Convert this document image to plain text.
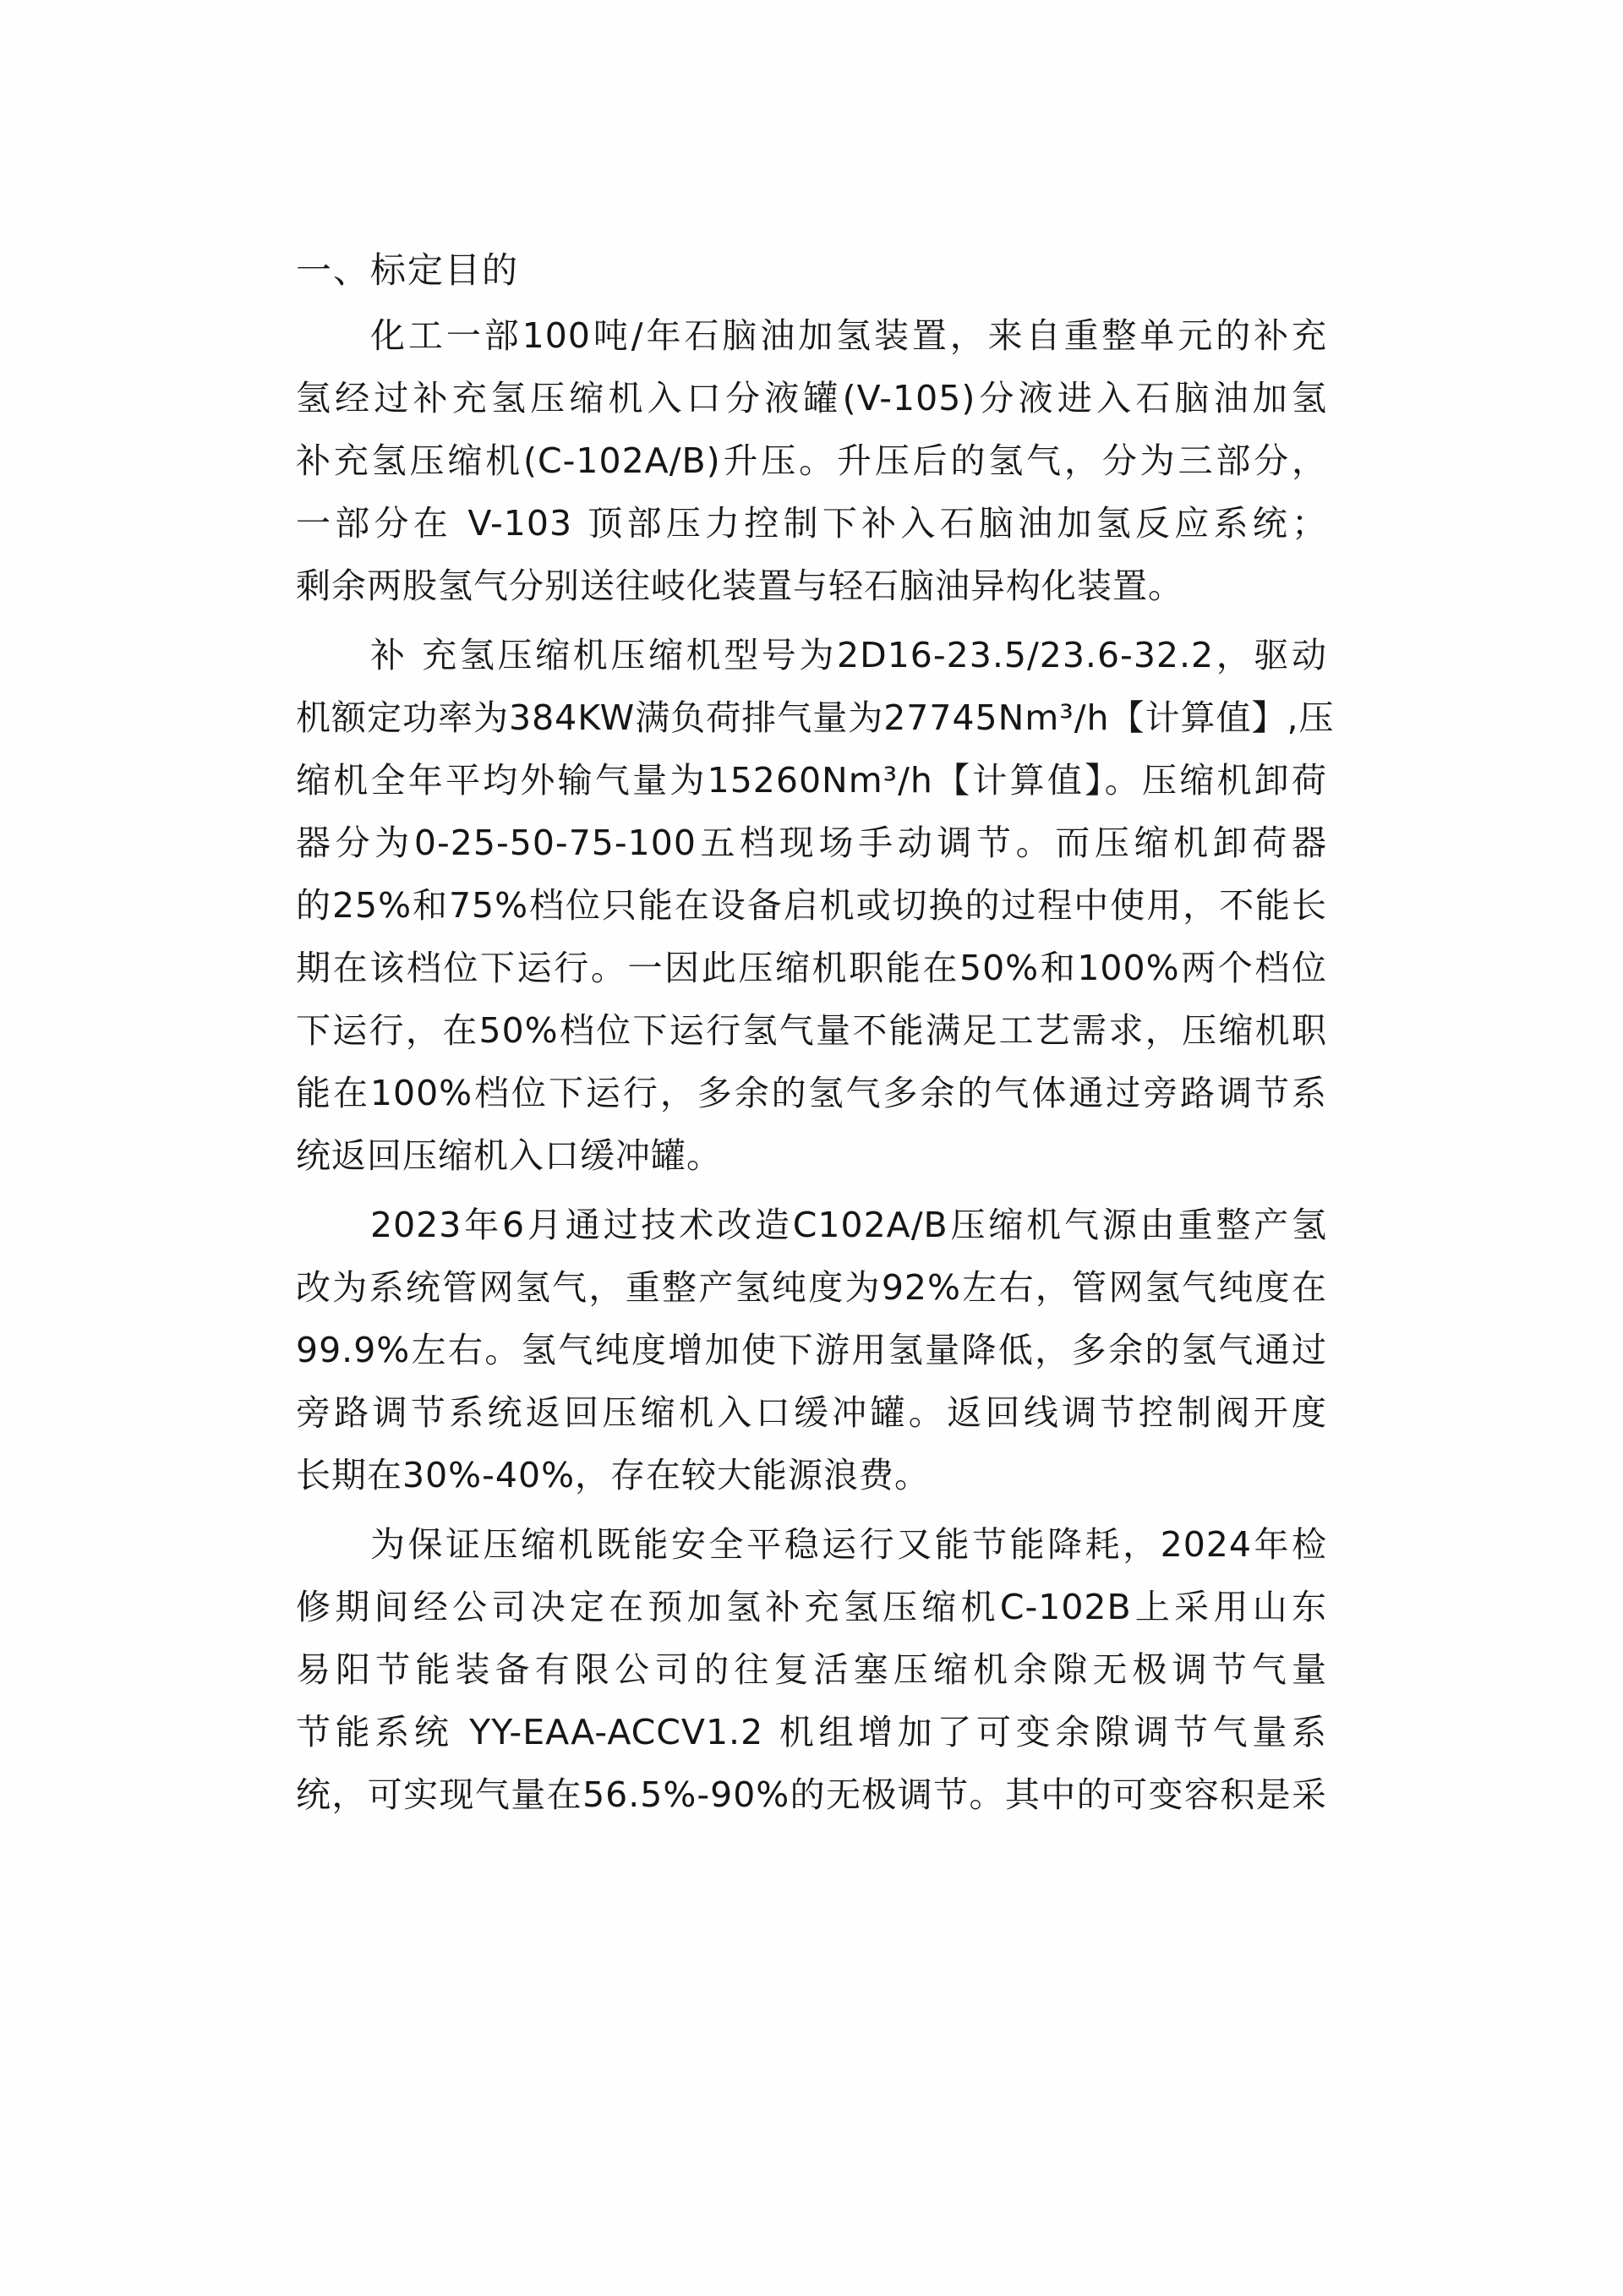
一、标定目的

化工一部100吨/年石脑油加氢装置，来自重整单元的补充
氢经过补充氢压缩机入口分液罐(V-105)分液进入石脑油加氢
补充氢压缩机(C-102A/B)升压。升压后的氢气，分为三部分，
一部分在 V-103 顶部压力控制下补入石脑油加氢反应系统；
剩余两股氢气分别送往岐化装置与轻石脑油异构化装置。

补 充氢压缩机压缩机型号为2D16-23.5/23.6-32.2，驱动
机额定功率为384KW满负荷排气量为27745Nm³/h【计算值】,压
缩机全年平均外输气量为15260Nm³/h【计算值】。压缩机卸荷
器分为0-25-50-75-100五档现场手动调节。而压缩机卸荷器
的25%和75%档位只能在设备启机或切换的过程中使用，不能长
期在该档位下运行。一因此压缩机职能在50%和100%两个档位
下运行，在50%档位下运行氢气量不能满足工艺需求，压缩机职
能在100%档位下运行，多余的氢气多余的气体通过旁路调节系
统返回压缩机入口缓冲罐。

2023年6月通过技术改造C102A/B压缩机气源由重整产氢
改为系统管网氢气，重整产氢纯度为92%左右，管网氢气纯度在
99.9%左右。氢气纯度增加使下游用氢量降低，多余的氢气通过
旁路调节系统返回压缩机入口缓冲罐。返回线调节控制阀开度
长期在30%-40%，存在较大能源浪费。

为保证压缩机既能安全平稳运行又能节能降耗，2024年检
修期间经公司决定在预加氢补充氢压缩机C-102B上采用山东
易阳节能装备有限公司的往复活塞压缩机余隙无极调节气量
节能系统 YY-EAA-ACCV1.2 机组增加了可变余隙调节气量系
统，可实现气量在56.5%-90%的无极调节。其中的可变容积是采
